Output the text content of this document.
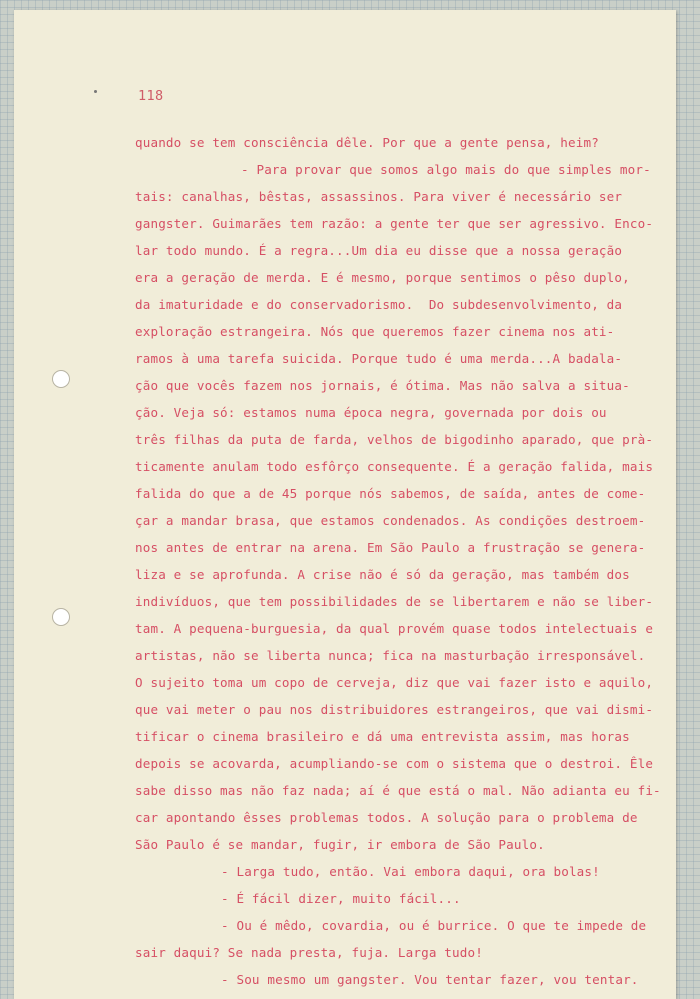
118
quando se tem consciência dêle. Por que a gente pensa, heim?
- Para provar que somos algo mais do que simples mor-
tais: canalhas, bêstas, assassinos. Para viver é necessário ser
gangster. Guimarães tem razão: a gente ter que ser agressivo. Enco-
lar todo mundo. É a regra...Um dia eu disse que a nossa geração
era a geração de merda. E é mesmo, porque sentimos o pêso duplo,
da imaturidade e do conservadorismo.  Do subdesenvolvimento, da
exploração estrangeira. Nós que queremos fazer cinema nos ati-
ramos à uma tarefa suicida. Porque tudo é uma merda...A badala-
ção que vocês fazem nos jornais, é ótima. Mas não salva a situa-
ção. Veja só: estamos numa época negra, governada por dois ou
três filhas da puta de farda, velhos de bigodinho aparado, que prà-
ticamente anulam todo esfôrço consequente. É a geração falida, mais
falida do que a de 45 porque nós sabemos, de saída, antes de come-
çar a mandar brasa, que estamos condenados. As condições destroem-
nos antes de entrar na arena. Em São Paulo a frustração se genera-
liza e se aprofunda. A crise não é só da geração, mas também dos
indivíduos, que tem possibilidades de se libertarem e não se liber-
tam. A pequena-burguesia, da qual provém quase todos intelectuais e
artistas, não se liberta nunca; fica na masturbação irresponsável.
O sujeito toma um copo de cerveja, diz que vai fazer isto e aquilo,
que vai meter o pau nos distribuidores estrangeiros, que vai dismi-
tificar o cinema brasileiro e dá uma entrevista assim, mas horas
depois se acovarda, acumpliando-se com o sistema que o destroi. Êle
sabe disso mas não faz nada; aí é que está o mal. Não adianta eu fi-
car apontando êsses problemas todos. A solução para o problema de
São Paulo é se mandar, fugir, ir embora de São Paulo.
- Larga tudo, então. Vai embora daqui, ora bolas!
- É fácil dizer, muito fácil...
- Ou é mêdo, covardia, ou é burrice. O que te impede de
sair daqui? Se nada presta, fuja. Larga tudo!
- Sou mesmo um gangster. Vou tentar fazer, vou tentar.
